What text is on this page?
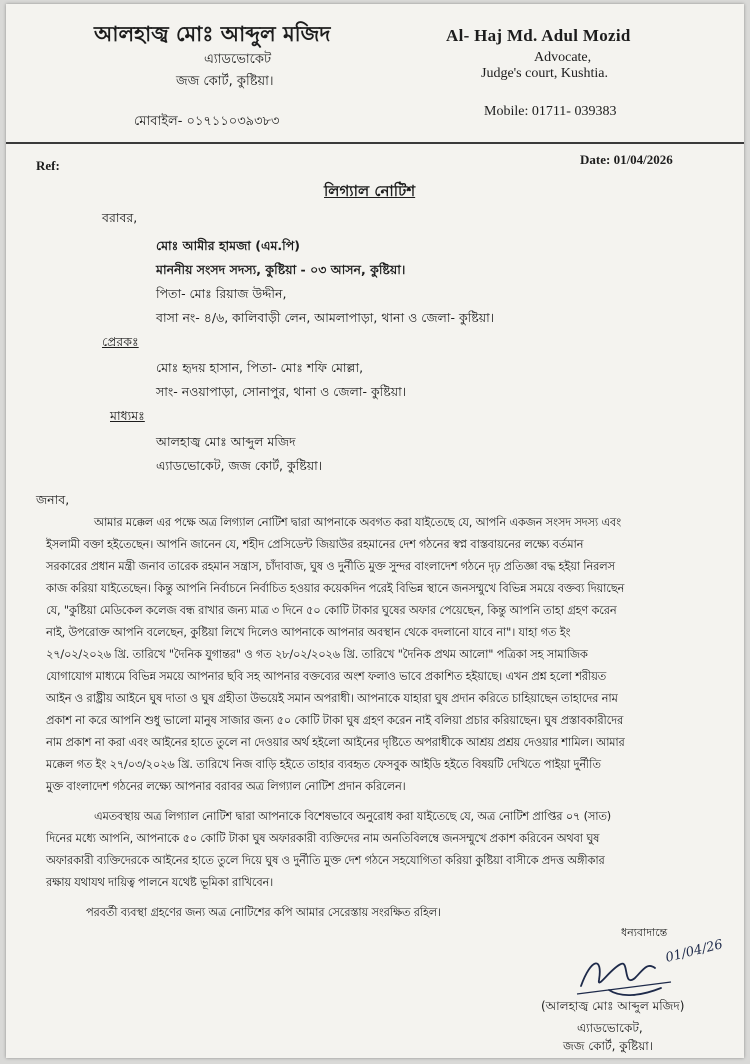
আলহাজ্ব মোঃ আব্দুল মজিদ
এ্যাডভোকেট
জজ কোর্ট, কুষ্টিয়া।
মোবাইল- ০১৭১১০৩৯৩৮৩
Al- Haj Md. Adul Mozid
Advocate,
Judge's court, Kushtia.
Mobile: 01711- 039383
Ref:	Date: 01/04/2026
লিগ্যাল নোটিশ
বরাবর,
মোঃ আমীর হামজা (এম.পি)
মাননীয় সংসদ সদস্য, কুষ্টিয়া - ০৩ আসন, কুষ্টিয়া।
পিতা- মোঃ রিয়াজ উদ্দীন,
বাসা নং- ৪/৬, কালিবাড়ী লেন, আমলাপাড়া, থানা ও জেলা- কুষ্টিয়া।
প্রেরকঃ
মোঃ হৃদয় হাসান, পিতা- মোঃ শফি মোল্লা,
সাং- নওয়াপাড়া, সোনাপুর, থানা ও জেলা- কুষ্টিয়া।
মাধ্যমঃ
আলহাজ্ব মোঃ আব্দুল মজিদ
এ্যাডভোকেট, জজ কোর্ট, কুষ্টিয়া।
জনাব,
আমার মক্কেল এর পক্ষে অত্র লিগ্যাল নোটিশ দ্বারা আপনাকে অবগত করা যাইতেছে যে, আপনি একজন সংসদ সদস্য এবং
ইসলামী বক্তা হইতেছেন। আপনি জানেন যে, শহীদ প্রেসিডেন্ট জিয়াউর রহমানের দেশ গঠনের স্বপ্ন বাস্তবায়নের লক্ষ্যে বর্তমান
সরকারের প্রধান মন্ত্রী জনাব তারেক রহমান সন্ত্রাস, চাঁদাবাজ, ঘুষ ও দুর্নীতি মুক্ত সুন্দর বাংলাদেশ গঠনে দৃঢ় প্রতিজ্ঞা বদ্ধ হইয়া নিরলস
কাজ করিয়া যাইতেছেন। কিন্তু আপনি নির্বাচনে নির্বাচিত হওয়ার কয়েকদিন পরেই বিভিন্ন স্থানে জনসম্মুখে বিভিন্ন সময়ে বক্তব্য দিয়াছেন
যে, "কুষ্টিয়া মেডিকেল কলেজ বন্ধ রাখার জন্য মাত্র ৩ দিনে ৫০ কোটি টাকার ঘুষের অফার পেয়েছেন, কিন্তু আপনি তাহা গ্রহণ করেন
নাই, উপরোক্ত আপনি বলেছেন, কুষ্টিয়া লিখে দিলেও আপনাকে আপনার অবস্থান থেকে বদলানো যাবে না"। যাহা গত ইং
২৭/০২/২০২৬ খ্রি. তারিখে "দৈনিক যুগান্তর" ও গত ২৮/০২/২০২৬ খ্রি. তারিখে "দৈনিক প্রথম আলো" পত্রিকা সহ সামাজিক
যোগাযোগ মাধ্যমে বিভিন্ন সময়ে আপনার ছবি সহ আপনার বক্তব্যের অংশ ফলাও ভাবে প্রকাশিত হইয়াছে। এখন প্রশ্ন হলো শরীয়ত
আইন ও রাষ্ট্রীয় আইনে ঘুষ দাতা ও ঘুষ গ্রহীতা উভয়েই সমান অপরাধী। আপনাকে যাহারা ঘুষ প্রদান করিতে চাহিয়াছেন তাহাদের নাম
প্রকাশ না করে আপনি শুধু ভালো মানুষ সাজার জন্য ৫০ কোটি টাকা ঘুষ গ্রহণ করেন নাই বলিয়া প্রচার করিয়াছেন। ঘুষ প্রস্তাবকারীদের
নাম প্রকাশ না করা এবং আইনের হাতে তুলে না দেওয়ার অর্থ হইলো আইনের দৃষ্টিতে অপরাধীকে আশ্রয় প্রশ্রয় দেওয়ার শামিল। আমার
মক্কেল গত ইং ২৭/০৩/২০২৬ খ্রি. তারিখে নিজ বাড়ি হইতে তাহার ব্যবহৃত ফেসবুক আইডি হইতে বিষয়টি দেখিতে পাইয়া দুর্নীতি
মুক্ত বাংলাদেশ গঠনের লক্ষ্যে আপনার বরাবর অত্র লিগ্যাল নোটিশ প্রদান করিলেন।
এমতবস্থায় অত্র লিগ্যাল নোটিশ দ্বারা আপনাকে বিশেষভাবে অনুরোধ করা যাইতেছে যে, অত্র নোটিশ প্রাপ্তির ০৭ (সাত)
দিনের মধ্যে আপনি, আপনাকে ৫০ কোটি টাকা ঘুষ অফারকারী ব্যক্তিদের নাম অনতিবিলম্বে জনসম্মুখে প্রকাশ করিবেন অথবা ঘুষ
অফারকারী ব্যক্তিদেরকে আইনের হাতে তুলে দিয়ে ঘুষ ও দুর্নীতি মুক্ত দেশ গঠনে সহযোগিতা করিয়া কুষ্টিয়া বাসীকে প্রদত্ত অঙ্গীকার
রক্ষায় যথাযথ দায়িত্ব পালনে যথেষ্ট ভূমিকা রাখিবেন।
পরবর্তী ব্যবস্থা গ্রহণের জন্য অত্র নোটিশের কপি আমার সেরেস্তায় সংরক্ষিত রহিল।
ধন্যবাদান্তে
01/04/26
(আলহাজ্ব মোঃ আব্দুল মজিদ)
এ্যাডভোকেট,
জজ কোর্ট, কুষ্টিয়া।
